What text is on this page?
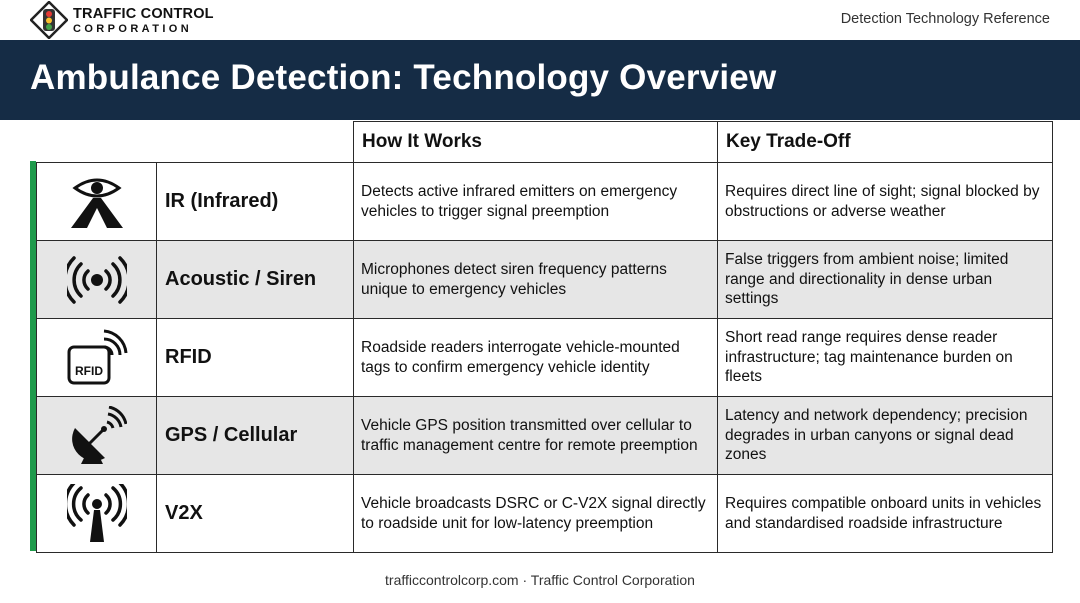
TRAFFIC CONTROL
CORPORATION
Detection Technology Reference
Ambulance Detection: Technology Overview
		How It Works	Key Trade-Off

	IR (Infrared)	Detects active infrared emitters on emergency vehicles to trigger signal preemption	Requires direct line of sight; signal blocked by obstructions or adverse weather

	Acoustic / Siren	Microphones detect siren frequency patterns unique to emergency vehicles	False triggers from ambient noise; limited range and directionality in dense urban settings

RFID	RFID	Roadside readers interrogate vehicle-mounted tags to confirm emergency vehicle identity	Short read range requires dense reader infrastructure; tag maintenance burden on fleets

	GPS / Cellular	Vehicle GPS position transmitted over cellular to traffic management centre for remote preemption	Latency and network dependency; precision degrades in urban canyons or signal dead zones

	V2X	Vehicle broadcasts DSRC or C-V2X signal directly to roadside unit for low-latency preemption	Requires compatible onboard units in vehicles and standardised roadside infrastructure
trafficcontrolcorp.com · Traffic Control Corporation
